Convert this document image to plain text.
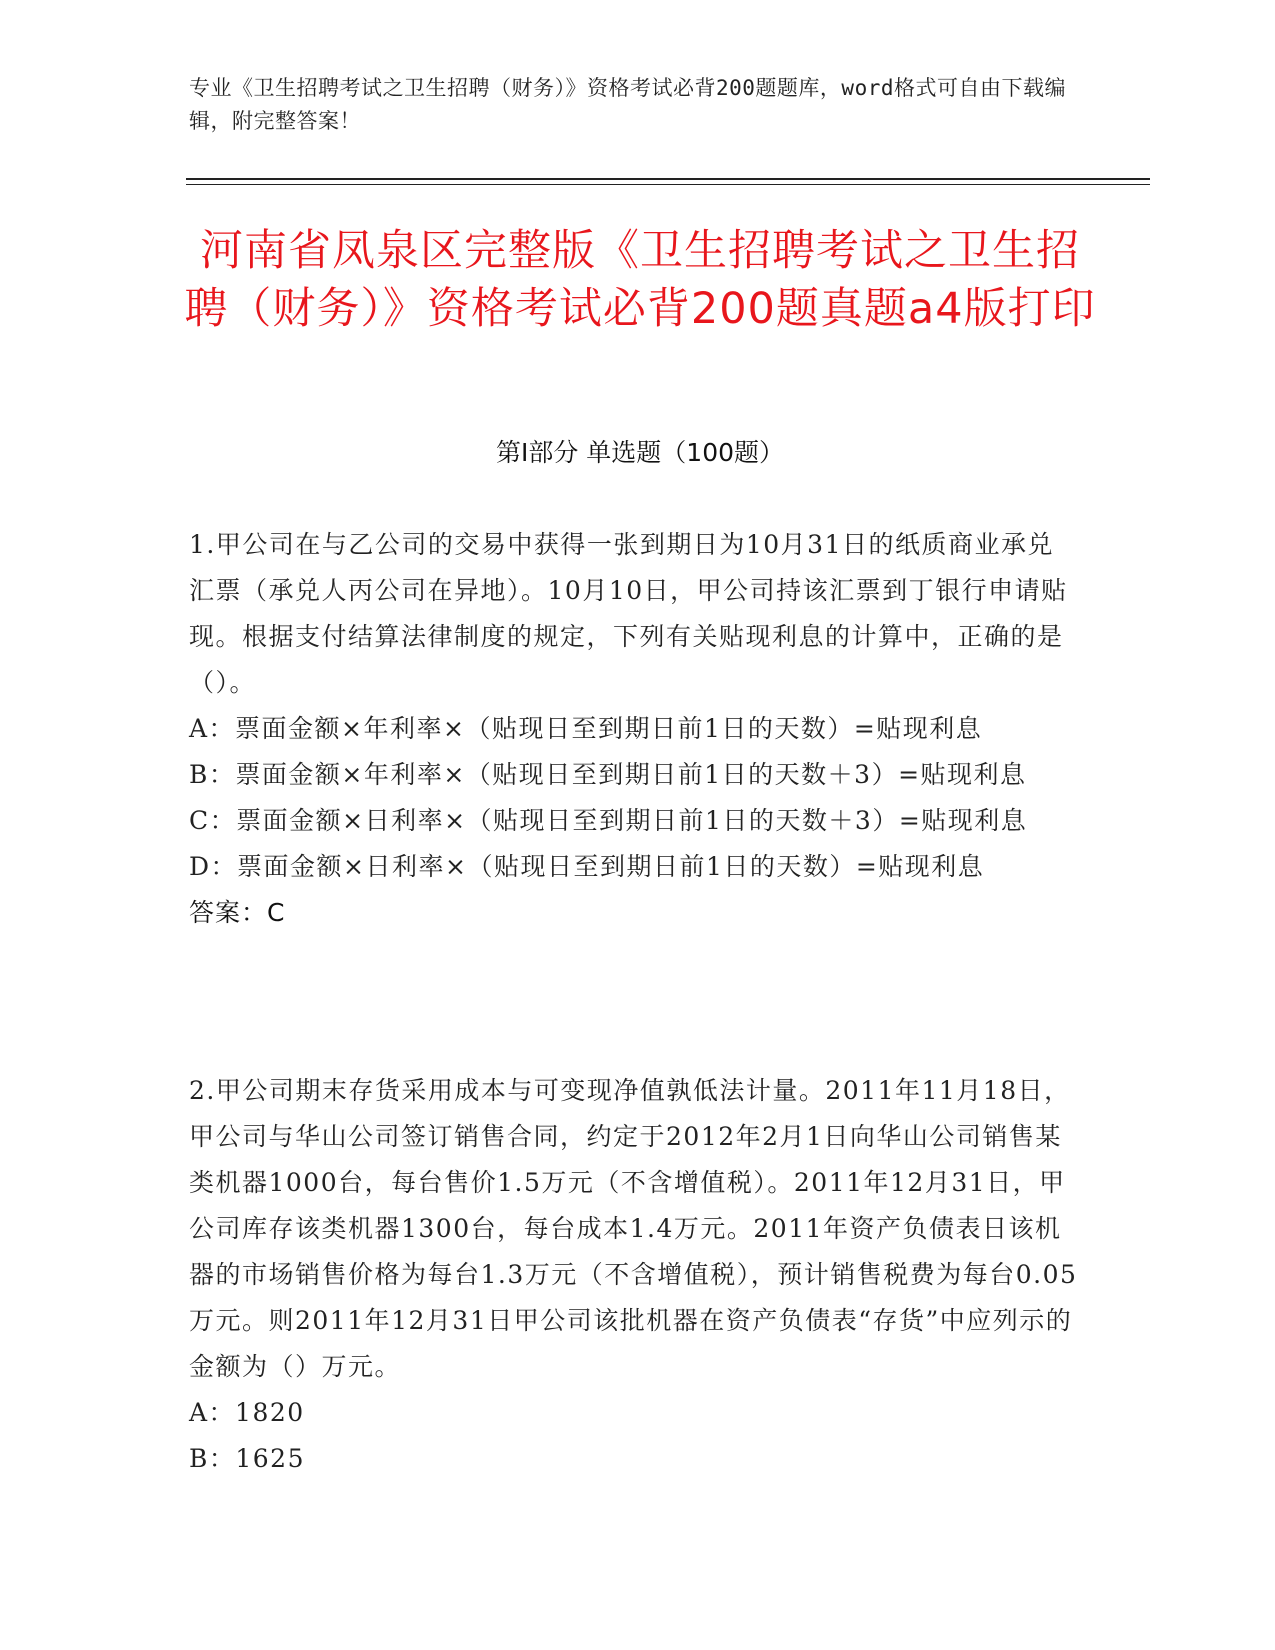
专业《卫生招聘考试之卫生招聘（财务）》资格考试必背200题题库，word格式可自由下载编辑，附完整答案！
河南省凤泉区完整版《卫生招聘考试之卫生招聘（财务）》资格考试必背200题真题a4版打印
第Ⅰ部分 单选题（100题）

1.甲公司在与乙公司的交易中获得一张到期日为10月31日的纸质商业承兑汇票（承兑人丙公司在异地）。10月10日，甲公司持该汇票到丁银行申请贴现。根据支付结算法律制度的规定，下列有关贴现利息的计算中，正确的是（）。

A：票面金额×年利率×（贴现日至到期日前1日的天数）=贴现利息

B：票面金额×年利率×（贴现日至到期日前1日的天数＋3）=贴现利息

C：票面金额×日利率×（贴现日至到期日前1日的天数＋3）=贴现利息

D：票面金额×日利率×（贴现日至到期日前1日的天数）=贴现利息

答案：C

2.甲公司期末存货采用成本与可变现净值孰低法计量。2011年11月18日，甲公司与华山公司签订销售合同，约定于2012年2月1日向华山公司销售某类机器1000台，每台售价1.5万元（不含增值税）。2011年12月31日，甲公司库存该类机器1300台，每台成本1.4万元。2011年资产负债表日该机器的市场销售价格为每台1.3万元（不含增值税），预计销售税费为每台0.05万元。则2011年12月31日甲公司该批机器在资产负债表“存货”中应列示的金额为（）万元。

A：1820

B：1625
